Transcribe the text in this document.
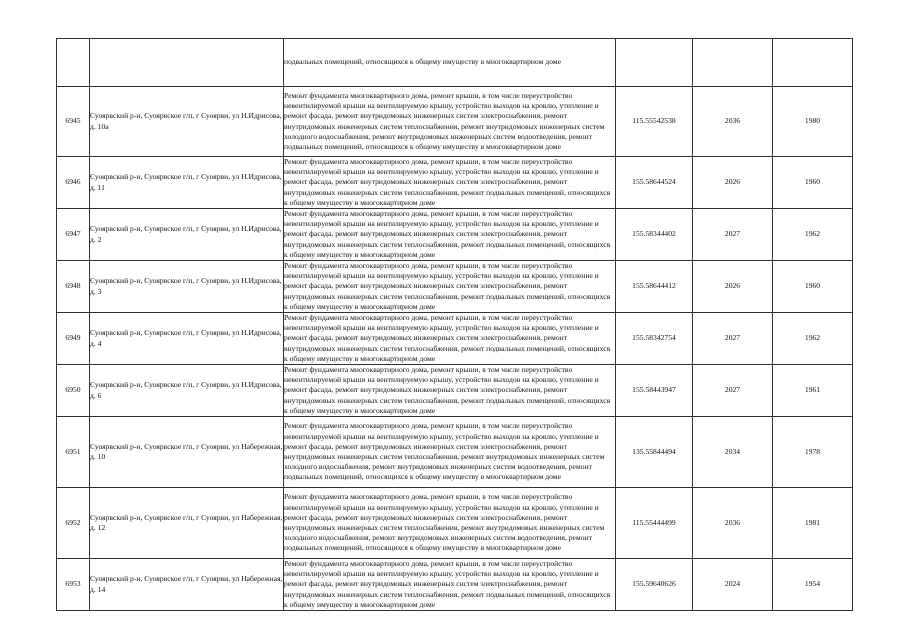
		подвальных помещений, относящихся к общему имуществу в многоквартирном доме			

6945	Суоярвский р-н, Суоярвское г/п, г Суоярви, ул Н.Идрисова, д. 10а	Ремонт фундамента многоквартирного дома, ремонт крыши, в том числе переустройство невентилируемой крыши на вентилируемую крышу, устройство выходов на кровлю, утепление и ремонт фасада, ремонт внутридомовых инженерных систем электроснабжения, ремонт внутридомовых инженерных систем теплоснабжения, ремонт внутридомовых инженерных систем холодного водоснабжения, ремонт внутридомовых инженерных систем водоотведения, ремонт подвальных помещений, относящихся к общему имуществу в многоквартирном доме	115.55542538	2036	1980
6946	Суоярвский р-н, Суоярвское г/п, г Суоярви, ул Н.Идрисова, д. 11	Ремонт фундамента многоквартирного дома, ремонт крыши, в том числе переустройство невентилируемой крыши на вентилируемую крышу, устройство выходов на кровлю, утепление и ремонт фасада, ремонт внутридомовых инженерных систем электроснабжения, ремонт внутридомовых инженерных систем теплоснабжения, ремонт подвальных помещений, относящихся к общему имуществу в многоквартирном доме	155.58644524	2026	1960
6947	Суоярвский р-н, Суоярвское г/п, г Суоярви, ул Н.Идрисова, д. 2	Ремонт фундамента многоквартирного дома, ремонт крыши, в том числе переустройство невентилируемой крыши на вентилируемую крышу, устройство выходов на кровлю, утепление и ремонт фасада, ремонт внутридомовых инженерных систем электроснабжения, ремонт внутридомовых инженерных систем теплоснабжения, ремонт подвальных помещений, относящихся к общему имуществу в многоквартирном доме	155.58344402	2027	1962
6948	Суоярвский р-н, Суоярвское г/п, г Суоярви, ул Н.Идрисова, д. 3	Ремонт фундамента многоквартирного дома, ремонт крыши, в том числе переустройство невентилируемой крыши на вентилируемую крышу, устройство выходов на кровлю, утепление и ремонт фасада, ремонт внутридомовых инженерных систем электроснабжения, ремонт внутридомовых инженерных систем теплоснабжения, ремонт подвальных помещений, относящихся к общему имуществу в многоквартирном доме	155.58644412	2026	1960
6949	Суоярвский р-н, Суоярвское г/п, г Суоярви, ул Н.Идрисова, д. 4	Ремонт фундамента многоквартирного дома, ремонт крыши, в том числе переустройство невентилируемой крыши на вентилируемую крышу, устройство выходов на кровлю, утепление и ремонт фасада, ремонт внутридомовых инженерных систем электроснабжения, ремонт внутридомовых инженерных систем теплоснабжения, ремонт подвальных помещений, относящихся к общему имуществу в многоквартирном доме	155.58342754	2027	1962
6950	Суоярвский р-н, Суоярвское г/п, г Суоярви, ул Н.Идрисова, д. 6	Ремонт фундамента многоквартирного дома, ремонт крыши, в том числе переустройство невентилируемой крыши на вентилируемую крышу, устройство выходов на кровлю, утепление и ремонт фасада, ремонт внутридомовых инженерных систем электроснабжения, ремонт внутридомовых инженерных систем теплоснабжения, ремонт подвальных помещений, относящихся к общему имуществу в многоквартирном доме	155.58443947	2027	1961
6951	Суоярвский р-н, Суоярвское г/п, г Суоярви, ул Набережная, д. 10	Ремонт фундамента многоквартирного дома, ремонт крыши, в том числе переустройство невентилируемой крыши на вентилируемую крышу, устройство выходов на кровлю, утепление и ремонт фасада, ремонт внутридомовых инженерных систем электроснабжения, ремонт внутридомовых инженерных систем теплоснабжения, ремонт внутридомовых инженерных систем холодного водоснабжения, ремонт внутридомовых инженерных систем водоотведения, ремонт подвальных помещений, относящихся к общему имуществу в многоквартирном доме	135.55844494	2034	1978
6952	Суоярвский р-н, Суоярвское г/п, г Суоярви, ул Набережная, д. 12	Ремонт фундамента многоквартирного дома, ремонт крыши, в том числе переустройство невентилируемой крыши на вентилируемую крышу, устройство выходов на кровлю, утепление и ремонт фасада, ремонт внутридомовых инженерных систем электроснабжения, ремонт внутридомовых инженерных систем теплоснабжения, ремонт внутридомовых инженерных систем холодного водоснабжения, ремонт внутридомовых инженерных систем водоотведения, ремонт подвальных помещений, относящихся к общему имуществу в многоквартирном доме	115.55444499	2036	1981
6953	Суоярвский р-н, Суоярвское г/п, г Суоярви, ул Набережная, д. 14	Ремонт фундамента многоквартирного дома, ремонт крыши, в том числе переустройство невентилируемой крыши на вентилируемую крышу, устройство выходов на кровлю, утепление и ремонт фасада, ремонт внутридомовых инженерных систем электроснабжения, ремонт внутридомовых инженерных систем теплоснабжения, ремонт подвальных помещений, относящихся к общему имуществу в многоквартирном доме	155.59640626	2024	1954
